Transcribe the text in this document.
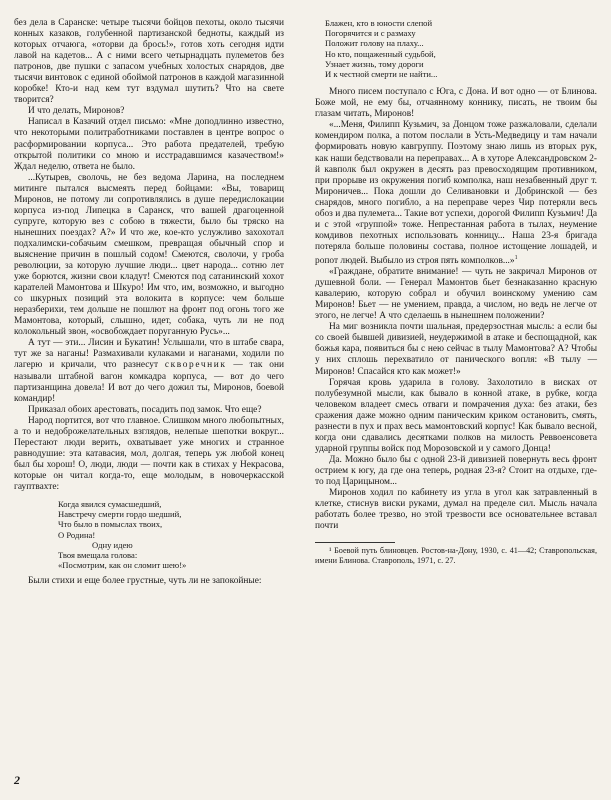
без дела в Саранске: четыре тысячи бойцов пехоты, около тысячи конных казаков, голубенной партизанской бедноты, каждый из которых отчаюга, «оторви да брось!», готов хоть сегодня идти лавой на кадетов... А с ними всего четырнадцать пулеметов без патронов, две пушки с запасом учебных холостых снарядов, две тысячи винтовок с единой обоймой патронов в каждой магазинной коробке! Кто-и над кем тут вздумал шутить? Что на свете творится?

И что делать, Миронов?

Написал в Казачий отдел письмо: «Мне доподлинно известно, что некоторыми политработниками поставлен в центре вопрос о расформировании корпуса... Это работа предателей, требую открытой политики со мною и исстрадавшимся казачеством!» Ждал неделю, ответа не было.

...Кутырев, сволочь, не без ведома Ларина, на последнем митинге пытался высмеять перед бойцами: «Вы, товарищ Миронов, не потому ли сопротивлялись в душе передислокации корпуса из-под Липецка в Саранск, что вашей драгоценной супруге, которую вез с собою в тяжести, было бы тряско на нынешних поездах? А?» И что же, кое-кто услужливо захохотал подхалимски-собачьим смешком, превращая обычный спор и выяснение причин в пошлый содом! Смеются, сволочи, у гроба революции, за которую лучшие люди... цвет народа... сотню лет уже борются, жизни свои кладут! Смеются под сатанинский хохот карателей Мамонтова и Шкуро! Им что, им, возможно, и выгодно со шкурных позиций эта волокита в корпусе: чем больше неразберихи, тем дольше не пошлют на фронт под огонь того же Мамонтова, который, слышно, идет, собака, чуть ли не под колокольный звон, «освобождает поруганную Русь»...

А тут — эти... Лисин и Букатин! Услышали, что в штабе свара, тут же за наганы! Размахивали кулаками и наганами, ходили по лагерю и кричали, что разнесут скворечник — так они называли штабной вагон комкадра корпуса, — вот до чего партизанщина довела! И вот до чего дожил ты, Миронов, боевой командир!

Приказал обоих арестовать, посадить под замок. Что еще?

Народ портится, вот что главное. Слишком много любопытных, а то и недоброжелательных взглядов, нелепые шепотки вокруг... Перестают люди верить, охватывает уже многих и странное равнодушие: эта катавасия, мол, долгая, теперь уж любой конец был бы хорош! О, люди, люди — почти как в стихах у Некрасова, которые он читал когда-то, еще молодым, в новочеркасской гауптвахте:

Когда явился сумасшедший,
Навстречу смерти гордо шедший,
Что было в помыслах твоих,
О Родина!
Одну идею
Твоя вмещала голова:
«Посмотрим, как он сломит шею!»

Были стихи и еще более грустные, чуть ли не запокойные:

Блажен, кто в юности слепой
Погорячится и с размаху
Положит голову на плаху...
Но кто, пощаженный судьбой,
Узнает жизнь, тому дороги
И к честной смерти не найти...

Много писем поступало с Юга, с Дона. И вот одно — от Блинова. Боже мой, не ему бы, отчаянному коннику, писать, не твоим бы глазам читать, Миронов!

«...Меня, Филипп Кузьмич, за Донцом тоже разжаловали, сделали комендиром полка, а потом послали в Усть-Медведицу и там начали формировать новую кавгруппу. Поэтому знаю лишь из вторых рук, как наши бедствовали на переправах... А в хуторе Александровском 2-й кавполк был окружен в десять раз превосходящим противником, при прорыве из окружения погиб комполка, наш незабвенный друг т. Мироничев... Пока дошли до Селивановки и Добринской — без снарядов, много погибло, а на переправе через Чир потеряли весь обоз и два пулемета... Такие вот успехи, дорогой Филипп Кузьмич! Да и с этой «группой» тоже. Непрестанная работа в тылах, неумение комдивов пехотных использовать конницу... Наша 23-я бригада потеряла больше половины состава, полное истощение лошадей, и ропот людей. Выбыло из строя пять комполков...»$^1$

«Граждане, обратите внимание! — чуть не закричал Миронов от душевной боли. — Генерал Мамонтов бьет безнаказанно красную кавалерию, которую собрал и обучил воинскому умению сам Миронов! Бьет — не умением, правда, а числом, но ведь не легче от этого, не легче! А что сделаешь в нынешнем положении?

На миг возникла почти шальная, предерзостная мысль: а если бы со своей бывшей дивизией, неудержимой в атаке и беспощадной, как божья кара, появиться бы с нею сейчас в тылу Мамонтова? А? Чтобы у них сплошь перехватило от панического вопля: «В тылу — Миронов! Спасайся кто как может!»

Горячая кровь ударила в голову. Захолотило в висках от полубезумной мысли, как бывало в конной атаке, в рубке, когда человеком владеет смесь отваги и помрачения духа: без атаки, без сражения даже можно одним паническим криком остановить, смять, разнести в пух и прах весь мамонтовский корпус! Как бывало весной, когда они сдавались десятками полков на милость Реввоенсовета ударной группы войск под Морозовской и у самого Донца!

Да. Можно было бы с одной 23-й дивизией повернуть весь фронт острием к югу, да где она теперь, родная 23-я? Стоит на отдыхе, где-то под Царицыном...

Миронов ходил по кабинету из угла в угол как затравленный в клетке, стиснув виски руками, думал на пределе сил. Мысль начала работать более трезво, но этой трезвости все основательнее вставал почти

¹ Боевой путь блиновцев. Ростов-на-Дону, 1930, с. 41—42; Ставропольская, имени Блинова. Ставрополь, 1971, с. 27.

2
